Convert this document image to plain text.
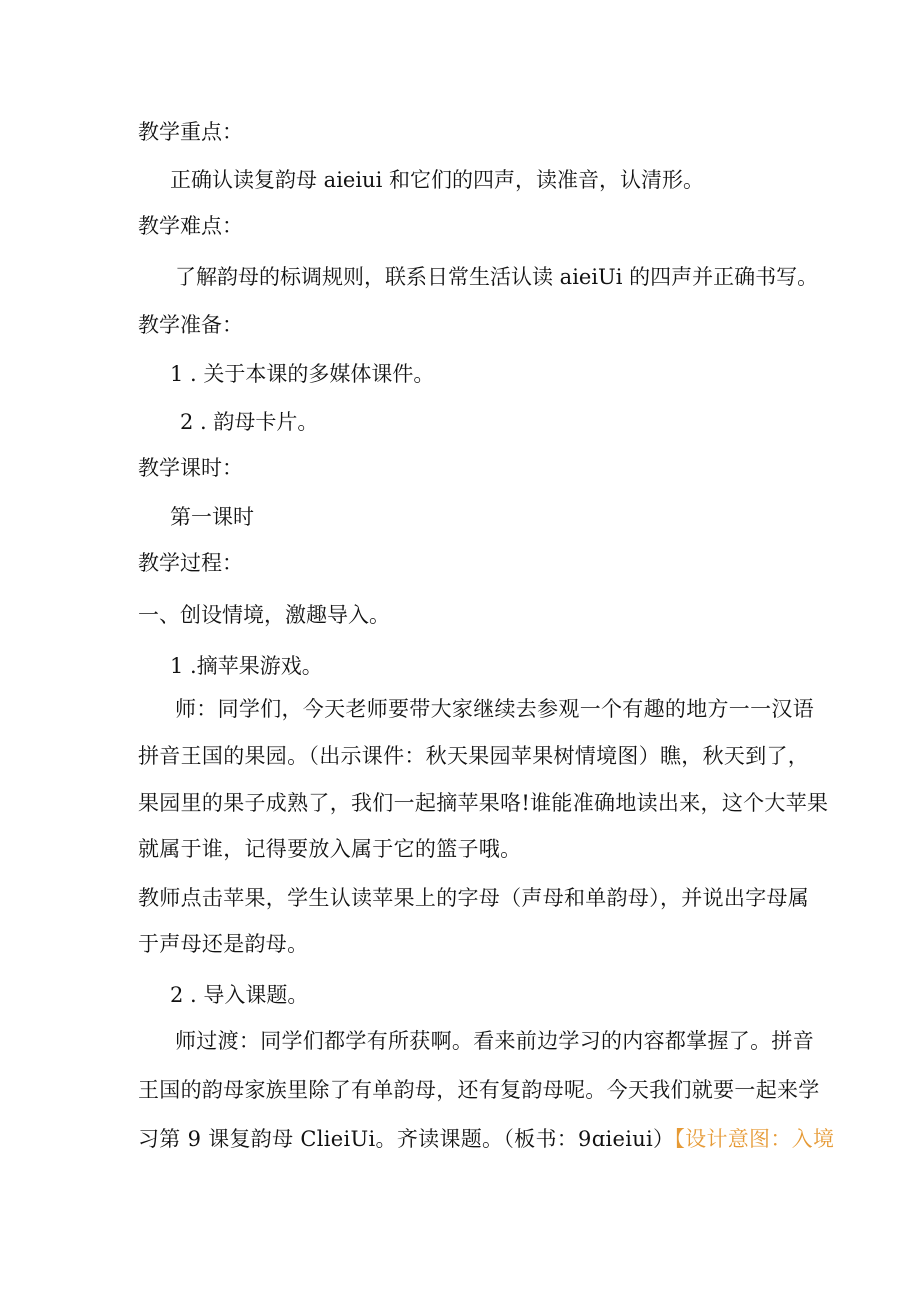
教学重点：

正确认读复韵母 aieiui 和它们的四声，读准音，认清形。

教学难点：

了解韵母的标调规则，联系日常生活认读 aieiUi 的四声并正确书写。

教学准备：

1 . 关于本课的多媒体课件。

2 . 韵母卡片。

教学课时：

第一课时

教学过程：

一、创设情境，激趣导入。

1 .摘苹果游戏。

师：同学们，今天老师要带大家继续去参观一个有趣的地方一一汉语

拼音王国的果园。（出示课件：秋天果园苹果树情境图）瞧，秋天到了，

果园里的果子成熟了，我们一起摘苹果咯!谁能准确地读出来，这个大苹果

就属于谁，记得要放入属于它的篮子哦。

教师点击苹果，学生认读苹果上的字母（声母和单韵母），并说出字母属

于声母还是韵母。

2 . 导入课题。

师过渡：同学们都学有所获啊。看来前边学习的内容都掌握了。拼音

王国的韵母家族里除了有单韵母，还有复韵母呢。今天我们就要一起来学

习第 9 课复韵母 ClieiUi。齐读课题。（板书：9ɑieiui）【设计意图：入境
